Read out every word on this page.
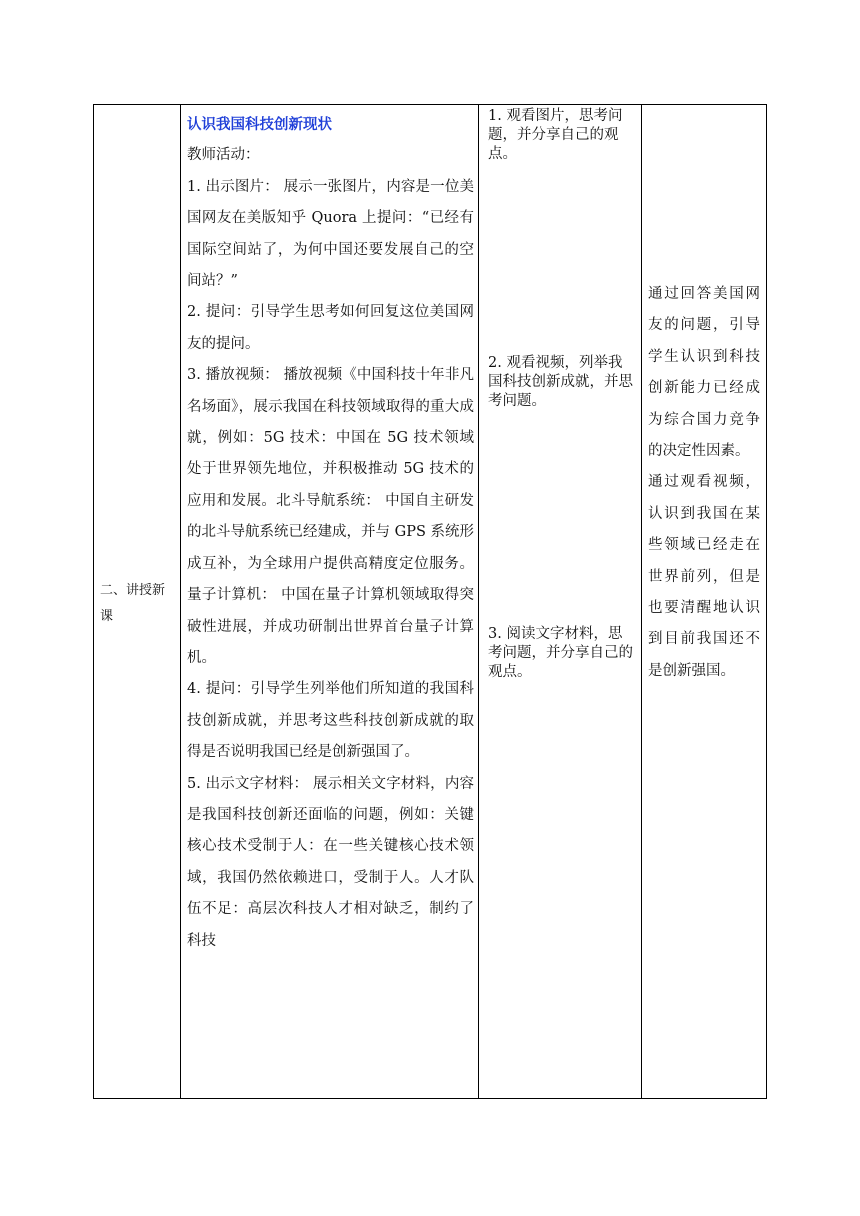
二、讲授新课

认识我国科技创新现状

教师活动：

1. 出示图片： 展示一张图片，内容是一位美国网友在美版知乎 Quora 上提问：“已经有国际空间站了，为何中国还要发展自己的空间站？”

2. 提问：引导学生思考如何回复这位美国网友的提问。

3. 播放视频： 播放视频《中国科技十年非凡名场面》，展示我国在科技领域取得的重大成就，例如：5G 技术：中国在 5G 技术领域处于世界领先地位，并积极推动 5G 技术的应用和发展。北斗导航系统： 中国自主研发的北斗导航系统已经建成，并与 GPS 系统形成互补，为全球用户提供高精度定位服务。量子计算机： 中国在量子计算机领域取得突破性进展，并成功研制出世界首台量子计算机。

4. 提问：引导学生列举他们所知道的我国科技创新成就，并思考这些科技创新成就的取得是否说明我国已经是创新强国了。

5. 出示文字材料： 展示相关文字材料，内容是我国科技创新还面临的问题，例如：关键核心技术受制于人：在一些关键核心技术领域，我国仍然依赖进口，受制于人。人才队伍不足：高层次科技人才相对缺乏，制约了科技

1. 观看图片，思考问题，并分享自己的观点。
2. 观看视频，列举我国科技创新成就，并思考问题。
3. 阅读文字材料，思考问题，并分享自己的观点。

通过回答美国网友的问题，引导学生认识到科技创新能力已经成为综合国力竞争的决定性因素。

通过观看视频，认识到我国在某些领域已经走在世界前列，但是也要清醒地认识到目前我国还不是创新强国。
